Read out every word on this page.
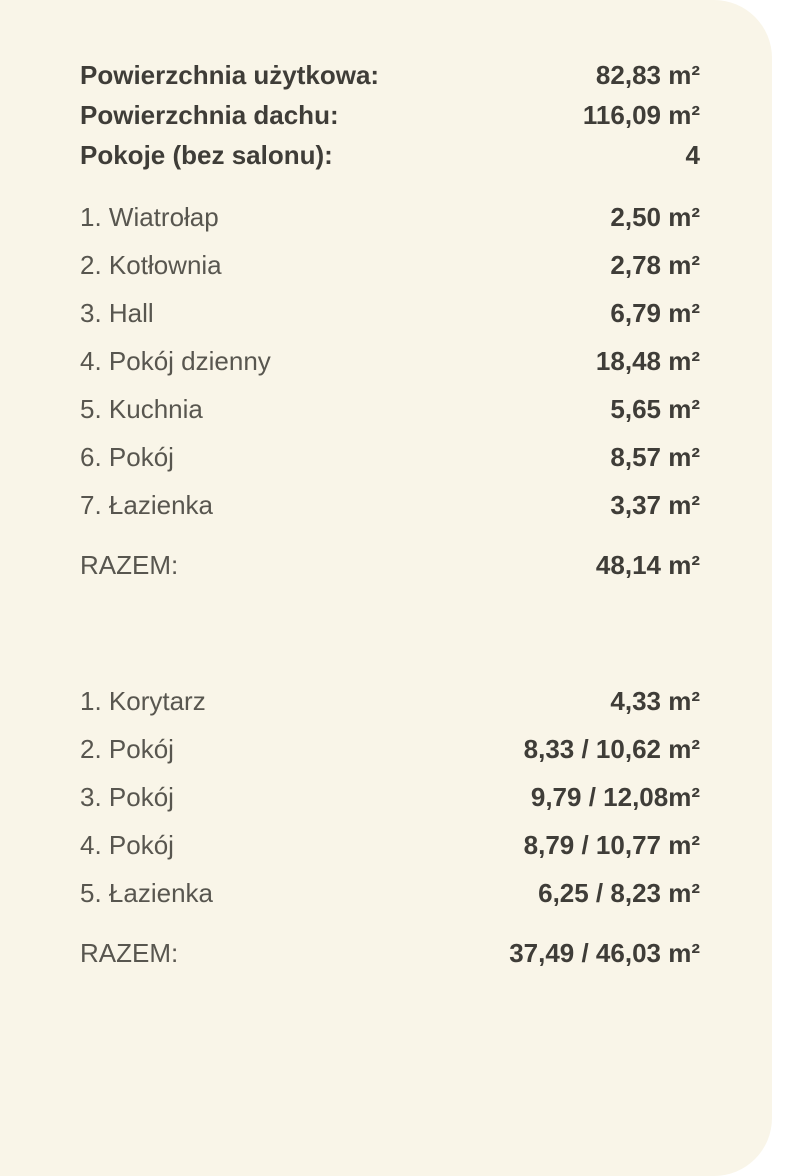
Powierzchnia użytkowa:	82,83 m²
Powierzchnia dachu:	116,09 m²
Pokoje (bez salonu):	4
1. Wiatrołap	2,50 m²
2. Kotłownia	2,78 m²
3. Hall	6,79 m²
4. Pokój dzienny	18,48 m²
5. Kuchnia	5,65 m²
6. Pokój	8,57 m²
7. Łazienka	3,37 m²
RAZEM:	48,14 m²
1. Korytarz	4,33 m²
2. Pokój	8,33 / 10,62 m²
3. Pokój	9,79 / 12,08m²
4. Pokój	8,79 / 10,77 m²
5. Łazienka	6,25 / 8,23 m²
RAZEM:	37,49 / 46,03 m²
